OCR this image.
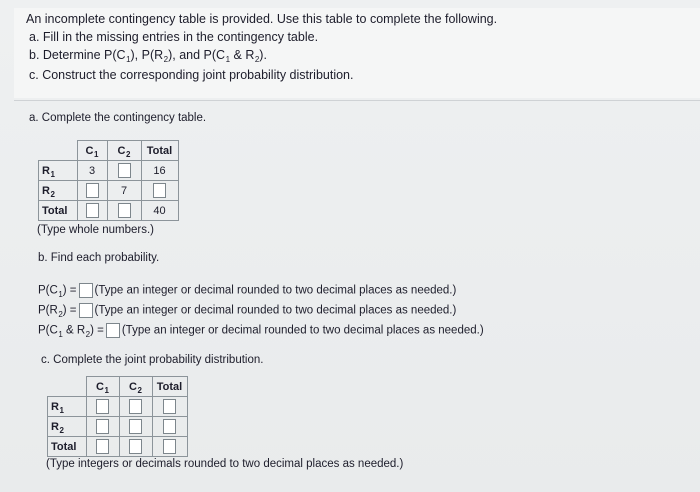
An incomplete contingency table is provided. Use this table to complete the following.
a. Fill in the missing entries in the contingency table.
b. Determine $P(C_1)$, $P(R_2)$, and $P(C_1$ & $R_2$).
c. Construct the corresponding joint probability distribution.
a. Complete the contingency table.
	$C_1$	$C_2$	Total
$R_1$	3		16
$R_2$		7	
Total			40
(Type whole numbers.)
b. Find each probability.
$P(C_1)$ = (Type an integer or decimal rounded to two decimal places as needed.)
$P(R_2)$ = (Type an integer or decimal rounded to two decimal places as needed.)
$P(C_1$ & $R_2$) = (Type an integer or decimal rounded to two decimal places as needed.)
c. Complete the joint probability distribution.
	$C_1$	$C_2$	Total
$R_1$			
$R_2$			
Total			
(Type integers or decimals rounded to two decimal places as needed.)
